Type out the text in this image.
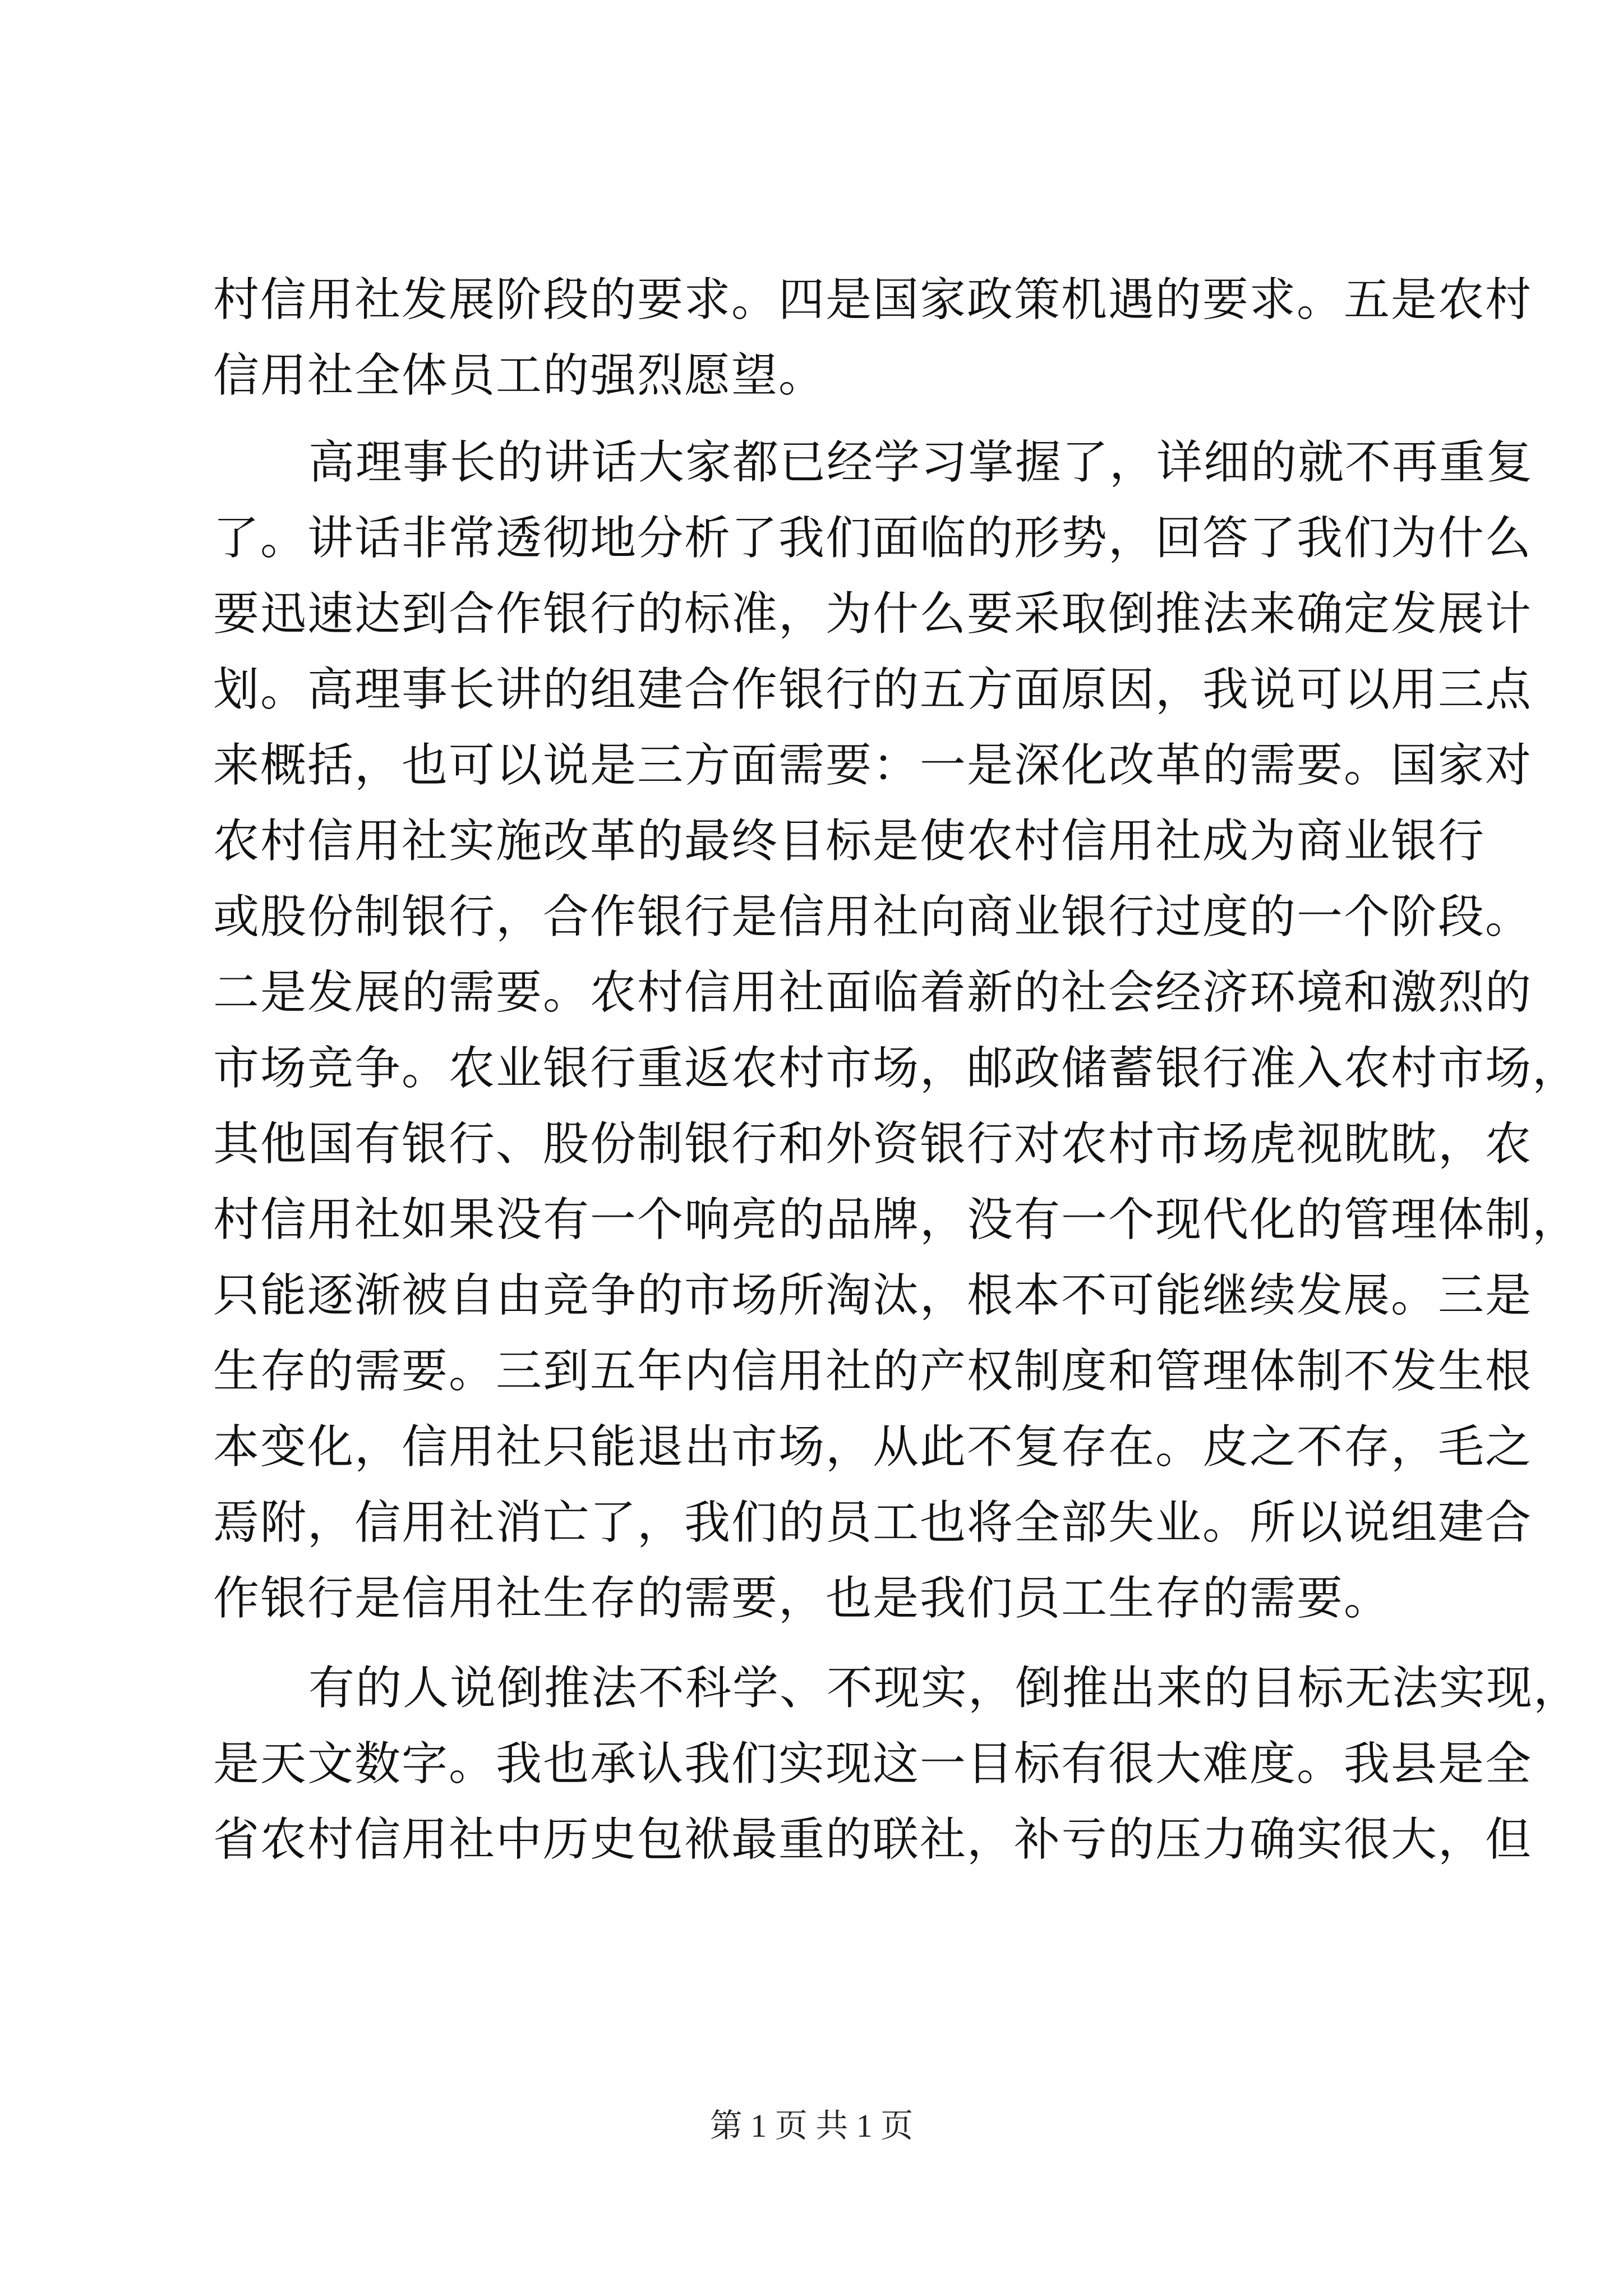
村信用社发展阶段的要求。四是国家政策机遇的要求。五是农村
信用社全体员工的强烈愿望。
高理事长的讲话大家都已经学习掌握了，详细的就不再重复
了。讲话非常透彻地分析了我们面临的形势，回答了我们为什么
要迅速达到合作银行的标准，为什么要采取倒推法来确定发展计
划。高理事长讲的组建合作银行的五方面原因，我说可以用三点
来概括，也可以说是三方面需要：一是深化改革的需要。国家对
农村信用社实施改革的最终目标是使农村信用社成为商业银行
或股份制银行，合作银行是信用社向商业银行过度的一个阶段。
二是发展的需要。农村信用社面临着新的社会经济环境和激烈的
市场竞争。农业银行重返农村市场，邮政储蓄银行准入农村市场，
其他国有银行、股份制银行和外资银行对农村市场虎视眈眈，农
村信用社如果没有一个响亮的品牌，没有一个现代化的管理体制，
只能逐渐被自由竞争的市场所淘汰，根本不可能继续发展。三是
生存的需要。三到五年内信用社的产权制度和管理体制不发生根
本变化，信用社只能退出市场，从此不复存在。皮之不存，毛之
焉附，信用社消亡了，我们的员工也将全部失业。所以说组建合
作银行是信用社生存的需要，也是我们员工生存的需要。
有的人说倒推法不科学、不现实，倒推出来的目标无法实现，
是天文数字。我也承认我们实现这一目标有很大难度。我县是全
省农村信用社中历史包袱最重的联社，补亏的压力确实很大，但
第 1 页 共 1 页
